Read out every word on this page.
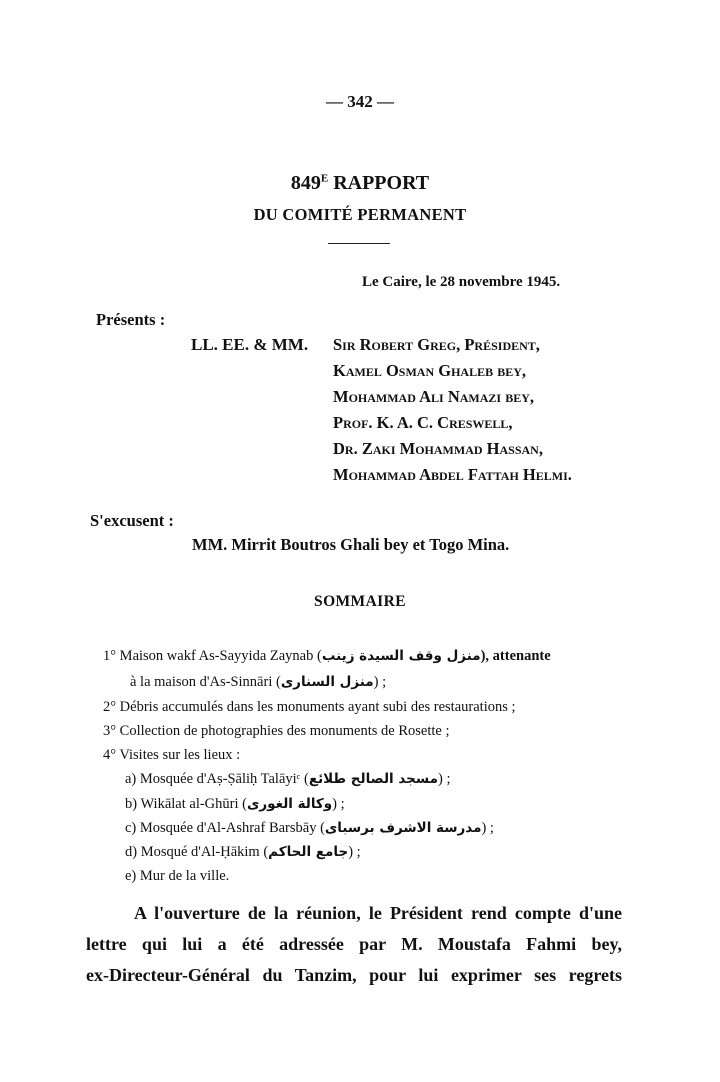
— 342 —
$849^E$ RAPPORT
DU COMITÉ PERMANENT
Le Caire, le 28 novembre 1945.
Présents :
LL. EE. & MM. Sir Robert Greg, Président,
Kamel Osman Ghaleb bey,
Mohammad Ali Namazi bey,
Prof. K. A. C. Creswell,
Dr. Zaki Mohammad Hassan,
Mohammad Abdel Fattah Helmi.
S'excusent :
MM. Mirrit Boutros Ghali bey et Togo Mina.
SOMMAIRE
1° Maison wakf As-Sayyida Zaynab (منزل وقف السيدة زينب), attenante
à la maison d'As-Sinnāri (منزل السنارى) ;
2° Débris accumulés dans les monuments ayant subi des restaurations ;
3° Collection de photographies des monuments de Rosette ;
4° Visites sur les lieux :
a) Mosquée d'Aṣ-Ṣāliḥ Talāyiᶜ (مسجد الصالح طلائع) ;
b) Wikālat al-Ghūri (وكالة الغورى) ;
c) Mosquée d'Al-Ashraf Barsbāy (مدرسة الاشرف برسباى) ;
d) Mosqué d'Al-Ḥākim (جامع الحاكم) ;
e) Mur de la ville.
A l'ouverture de la réunion, le Président rend compte d'une
lettre qui lui a été adressée par M. Moustafa Fahmi bey,
ex-Directeur-Général du Tanzim, pour lui exprimer ses regrets
